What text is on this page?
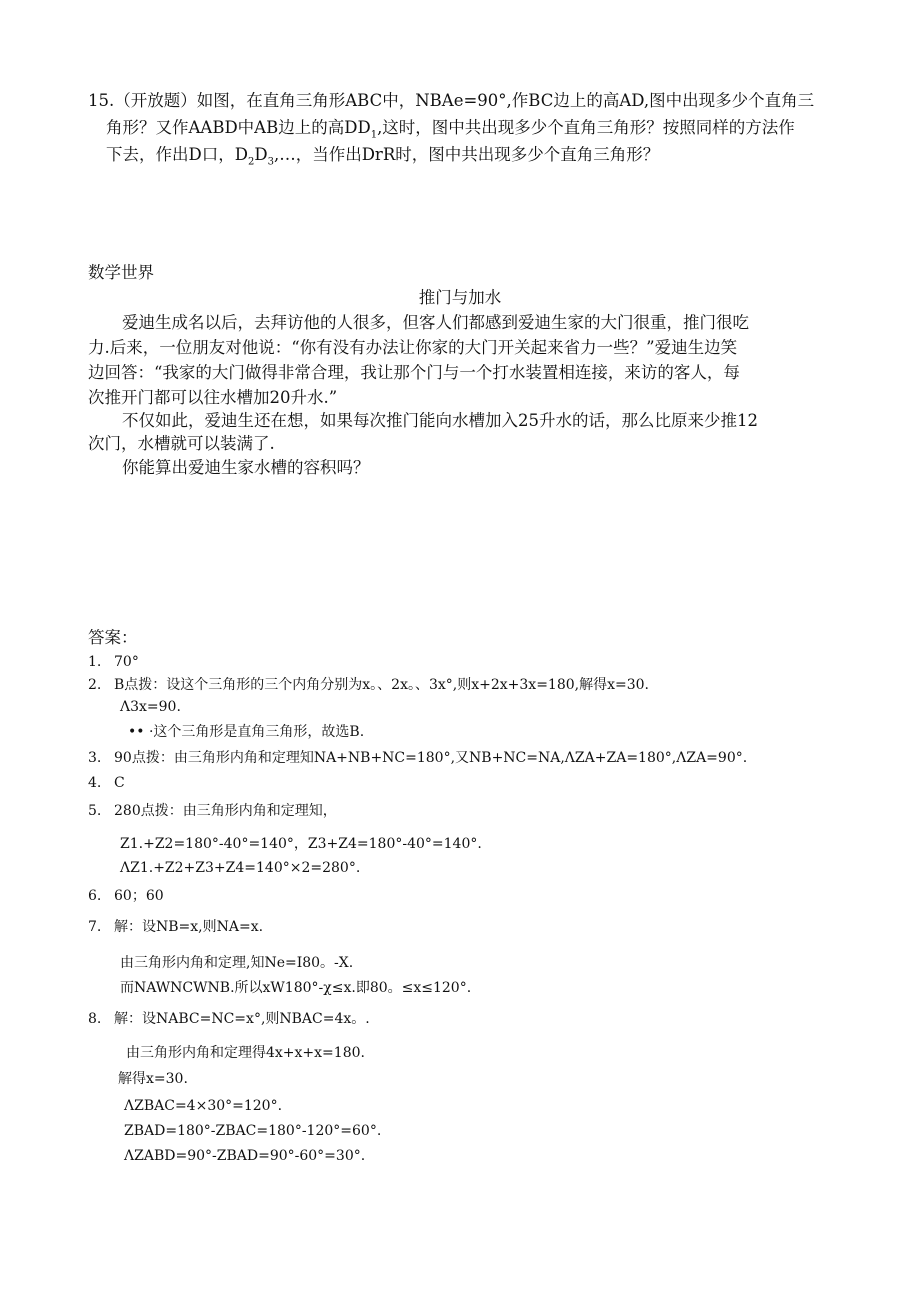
15.（开放题）如图，在直角三角形ABC中，NBAe=90°,作BC边上的高AD,图中出现多少个直角三
角形？又作AABD中AB边上的高$DD_1$,这时，图中共出现多少个直角三角形？按照同样的方法作
下去，作出D口，$D_2D_3,\dots$，当作出DrR时，图中共出现多少个直角三角形？
数学世界
推门与加水
爱迪生成名以后，去拜访他的人很多，但客人们都感到爱迪生家的大门很重，推门很吃
力.后来，一位朋友对他说：“你有没有办法让你家的大门开关起来省力一些？”爱迪生边笑
边回答：“我家的大门做得非常合理，我让那个门与一个打水装置相连接，来访的客人，每
次推开门都可以往水槽加20升水.”
不仅如此，爱迪生还在想，如果每次推门能向水槽加入25升水的话，那么比原来少推12
次门，水槽就可以装满了.
你能算出爱迪生家水槽的容积吗？
答案：
1. 70°
2. B点拨：设这个三角形的三个内角分别为x。、2x。、3x°,则x+2x+3x=180,解得x=30.
Λ3x=90.
•• ·这个三角形是直角三角形，故选B.
3. 90点拨：由三角形内角和定理知NA+NB+NC=180°,又NB+NC=NA,ΛZA+ZA=180°,ΛZA=90°.
4. C
5. 280点拨：由三角形内角和定理知，
Z1.+Z2=180°-40°=140°，Z3+Z4=180°-40°=140°.
ΛZ1.+Z2+Z3+Z4=140°×2=280°.
6. 60；60
7. 解：设NB=x,则NA=x.
由三角形内角和定理,知Ne=I80。-X.
而NAWNCWNB.所以xW180°-χ≤x.即80。≤x≤120°.
8. 解：设NABC=NC=x°,则NBAC=4x。.
由三角形内角和定理得4x+x+x=180.
解得x=30.
ΛZBAC=4×30°=120°.
ZBAD=180°-ZBAC=180°-120°=60°.
ΛZABD=90°-ZBAD=90°-60°=30°.
